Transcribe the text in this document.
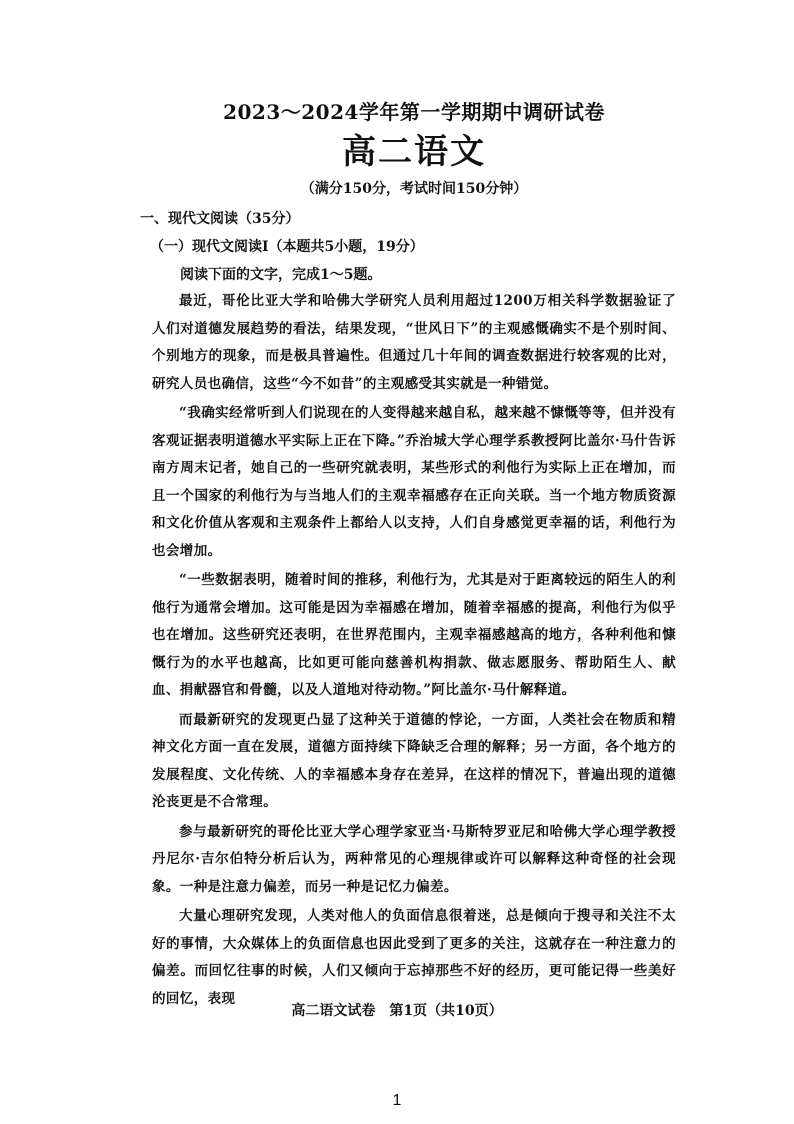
2023～2024学年第一学期期中调研试卷
高二语文

（满分150分，考试时间150分钟）

一、现代文阅读（35分）

（一）现代文阅读Ⅰ（本题共5小题，19分）

阅读下面的文字，完成1～5题。

最近，哥伦比亚大学和哈佛大学研究人员利用超过1200万相关科学数据验证了人们对道德发展趋势的看法，结果发现，“世风日下”的主观感慨确实不是个别时间、个别地方的现象，而是极具普遍性。但通过几十年间的调查数据进行较客观的比对，研究人员也确信，这些“今不如昔”的主观感受其实就是一种错觉。

“我确实经常听到人们说现在的人变得越来越自私，越来越不慷慨等等，但并没有客观证据表明道德水平实际上正在下降。”乔治城大学心理学系教授阿比盖尔·马什告诉南方周末记者，她自己的一些研究就表明，某些形式的利他行为实际上正在增加，而且一个国家的利他行为与当地人们的主观幸福感存在正向关联。当一个地方物质资源和文化价值从客观和主观条件上都给人以支持，人们自身感觉更幸福的话，利他行为也会增加。

“一些数据表明，随着时间的推移，利他行为，尤其是对于距离较远的陌生人的利他行为通常会增加。这可能是因为幸福感在增加，随着幸福感的提高，利他行为似乎也在增加。这些研究还表明，在世界范围内，主观幸福感越高的地方，各种利他和慷慨行为的水平也越高，比如更可能向慈善机构捐款、做志愿服务、帮助陌生人、献血、捐献器官和骨髓，以及人道地对待动物。”阿比盖尔·马什解释道。

而最新研究的发现更凸显了这种关于道德的悖论，一方面，人类社会在物质和精神文化方面一直在发展，道德方面持续下降缺乏合理的解释；另一方面，各个地方的发展程度、文化传统、人的幸福感本身存在差异，在这样的情况下，普遍出现的道德沦丧更是不合常理。

参与最新研究的哥伦比亚大学心理学家亚当·马斯特罗亚尼和哈佛大学心理学教授丹尼尔·吉尔伯特分析后认为，两种常见的心理规律或许可以解释这种奇怪的社会现象。一种是注意力偏差，而另一种是记忆力偏差。

大量心理研究发现，人类对他人的负面信息很着迷，总是倾向于搜寻和关注不太好的事情，大众媒体上的负面信息也因此受到了更多的关注，这就存在一种注意力的偏差。而回忆往事的时候，人们又倾向于忘掉那些不好的经历，更可能记得一些美好的回忆，表现

高二语文试卷　第1页（共10页）
1
